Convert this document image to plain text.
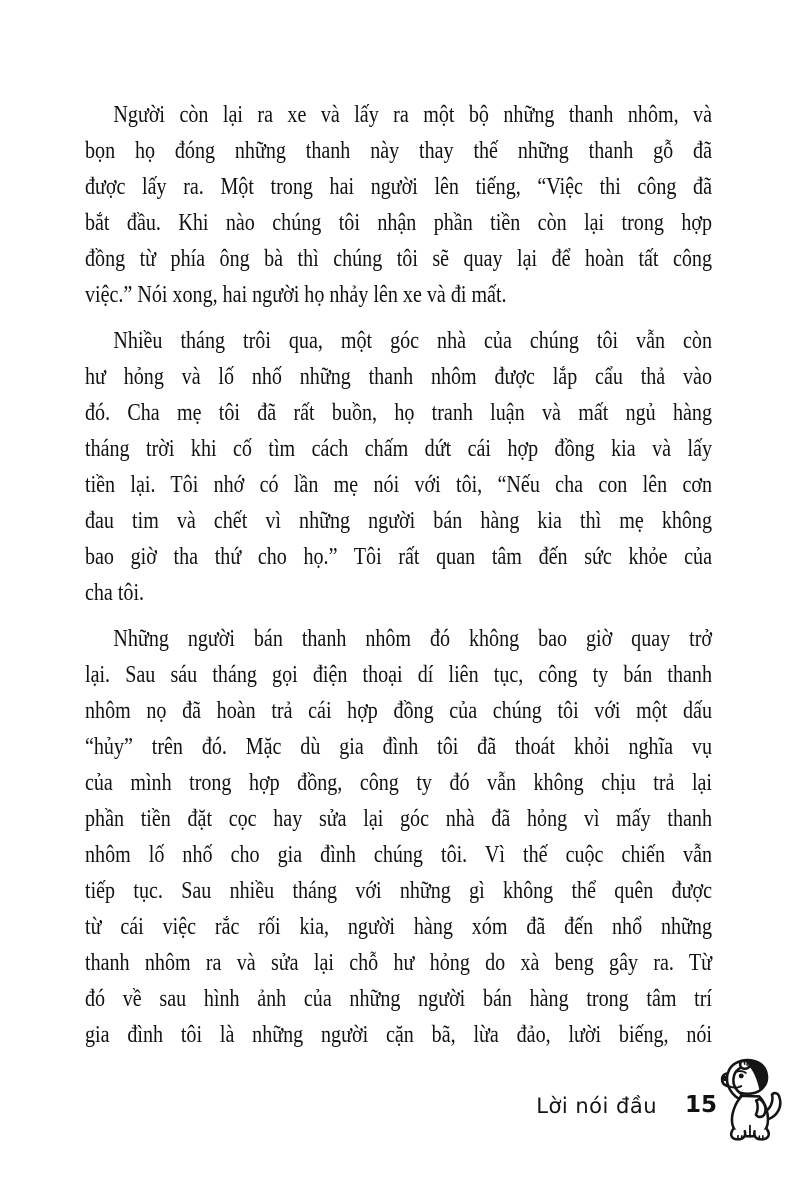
Người còn lại ra xe và lấy ra một bộ những thanh nhôm, và
bọn họ đóng những thanh này thay thế những thanh gỗ đã
được lấy ra. Một trong hai người lên tiếng, “Việc thi công đã
bắt đầu. Khi nào chúng tôi nhận phần tiền còn lại trong hợp
đồng từ phía ông bà thì chúng tôi sẽ quay lại để hoàn tất công
việc.” Nói xong, hai người họ nhảy lên xe và đi mất.
Nhiều tháng trôi qua, một góc nhà của chúng tôi vẫn còn
hư hỏng và lố nhố những thanh nhôm được lắp cẩu thả vào
đó. Cha mẹ tôi đã rất buồn, họ tranh luận và mất ngủ hàng
tháng trời khi cố tìm cách chấm dứt cái hợp đồng kia và lấy
tiền lại. Tôi nhớ có lần mẹ nói với tôi, “Nếu cha con lên cơn
đau tim và chết vì những người bán hàng kia thì mẹ không
bao giờ tha thứ cho họ.” Tôi rất quan tâm đến sức khỏe của
cha tôi.
Những người bán thanh nhôm đó không bao giờ quay trở
lại. Sau sáu tháng gọi điện thoại dí liên tục, công ty bán thanh
nhôm nọ đã hoàn trả cái hợp đồng của chúng tôi với một dấu
“hủy” trên đó. Mặc dù gia đình tôi đã thoát khỏi nghĩa vụ
của mình trong hợp đồng, công ty đó vẫn không chịu trả lại
phần tiền đặt cọc hay sửa lại góc nhà đã hỏng vì mấy thanh
nhôm lố nhố cho gia đình chúng tôi. Vì thế cuộc chiến vẫn
tiếp tục. Sau nhiều tháng với những gì không thể quên được
từ cái việc rắc rối kia, người hàng xóm đã đến nhổ những
thanh nhôm ra và sửa lại chỗ hư hỏng do xà beng gây ra. Từ
đó về sau hình ảnh của những người bán hàng trong tâm trí
gia đình tôi là những người cặn bã, lừa đảo, lười biếng, nói
Lời nói đầu 15
